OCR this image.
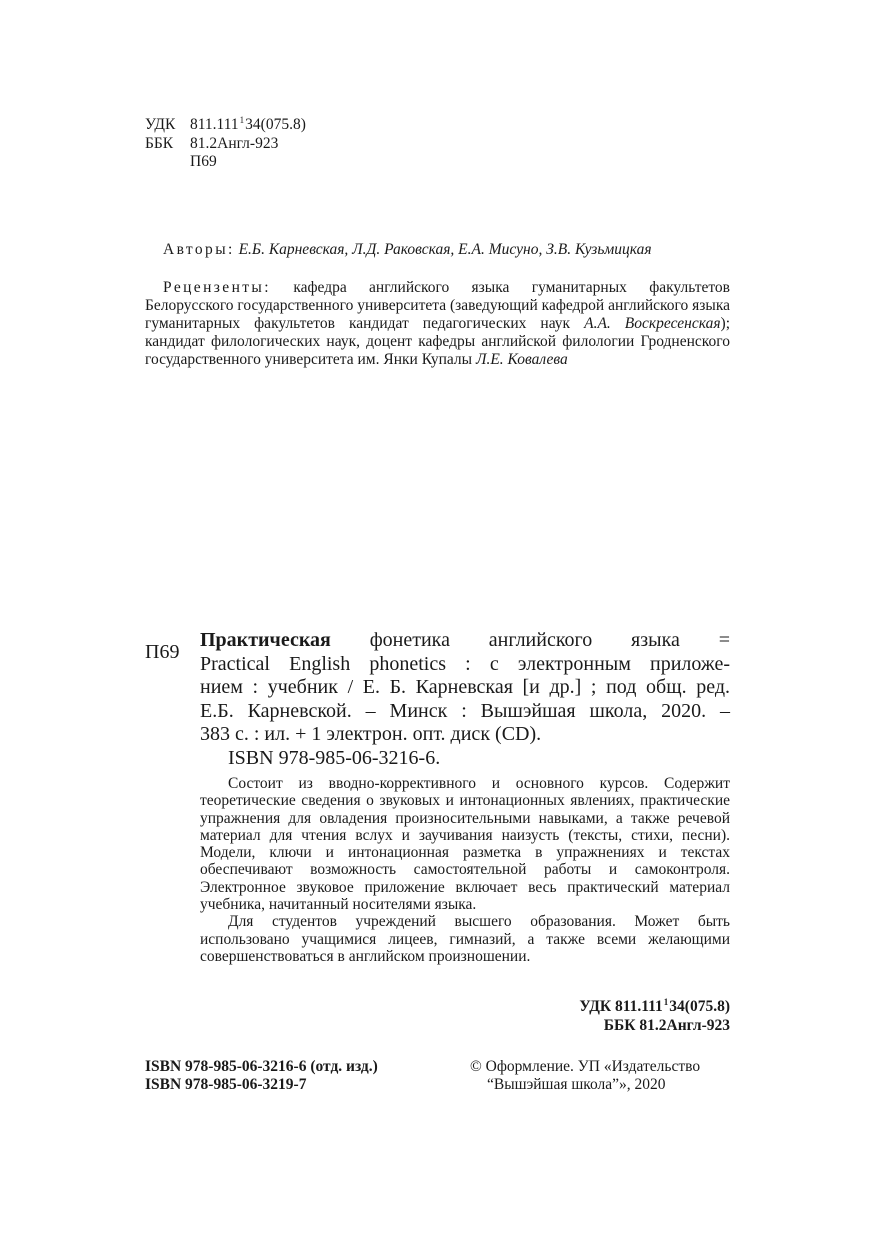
УДК 811.111$^1$34(075.8)
ББК 81.2Англ-923
П69
Авторы: Е.Б. Карневская, Л.Д. Раковская, Е.А. Мисуно, З.В. Кузьмицкая
Рецензенты: кафедра английского языка гуманитарных факультетов Белорусского государственного университета (заведующий кафедрой английского языка гуманитарных факультетов кандидат педагогических наук А.А. Воскресенская); кандидат филологических наук, доцент кафедры английской филологии Гродненского государственного университета им. Янки Купалы Л.Е. Ковалева
П69

Практическая фонетика английского языка =

Practical English phonetics : с электронным приложе-

нием : учебник / Е. Б. Карневская [и др.] ; под общ. ред.

Е.Б. Карневской. – Минск : Вышэйшая школа, 2020. –

383 с. : ил. + 1 электрон. опт. диск (CD).

ISBN 978-985-06-3216-6.

Состоит из вводно-коррективного и основного курсов. Содержит теоретические сведения о звуковых и интонационных явлениях, практические упражнения для овладения произносительными навыками, а также речевой материал для чтения вслух и заучивания наизусть (тексты, стихи, песни). Модели, ключи и интонационная разметка в упражнениях и текстах обеспечивают возможность самостоятельной работы и самоконтроля. Электронное звуковое приложение включает весь практический материал учебника, начитанный носителями языка.

Для студентов учреждений высшего образования. Может быть использовано учащимися лицеев, гимназий, а также всеми желающими совершенствоваться в английском произношении.

УДК 811.111$^1$34(075.8)
ББК 81.2Англ-923
ISBN 978-985-06-3216-6 (отд. изд.)
ISBN 978-985-06-3219-7
© Оформление. УП «Издательство
“Вышэйшая школа”», 2020
